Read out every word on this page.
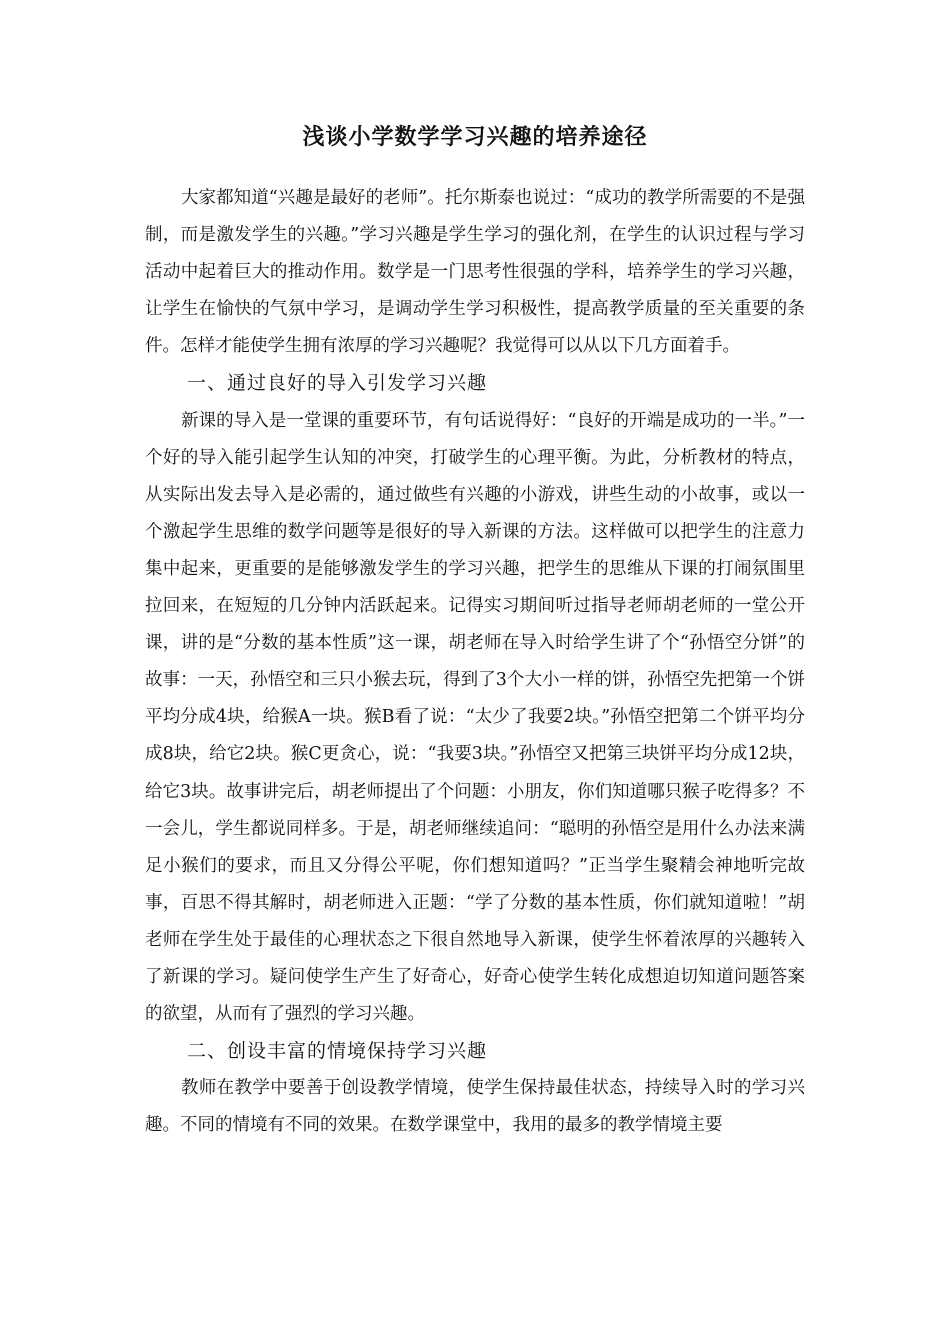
浅谈小学数学学习兴趣的培养途径

大家都知道“兴趣是最好的老师”。托尔斯泰也说过：“成功的教学所需要的不是强制，而是激发学生的兴趣。”学习兴趣是学生学习的强化剂，在学生的认识过程与学习活动中起着巨大的推动作用。数学是一门思考性很强的学科，培养学生的学习兴趣，让学生在愉快的气氛中学习，是调动学生学习积极性，提高教学质量的至关重要的条件。怎样才能使学生拥有浓厚的学习兴趣呢？我觉得可以从以下几方面着手。

一、通过良好的导入引发学习兴趣

新课的导入是一堂课的重要环节，有句话说得好：“良好的开端是成功的一半。”一个好的导入能引起学生认知的冲突，打破学生的心理平衡。为此，分析教材的特点，从实际出发去导入是必需的，通过做些有兴趣的小游戏，讲些生动的小故事，或以一个激起学生思维的数学问题等是很好的导入新课的方法。这样做可以把学生的注意力集中起来，更重要的是能够激发学生的学习兴趣，把学生的思维从下课的打闹氛围里拉回来，在短短的几分钟内活跃起来。记得实习期间听过指导老师胡老师的一堂公开课，讲的是“分数的基本性质”这一课，胡老师在导入时给学生讲了个“孙悟空分饼”的故事：一天，孙悟空和三只小猴去玩，得到了3个大小一样的饼，孙悟空先把第一个饼平均分成4块，给猴A一块。猴B看了说：“太少了我要2块。”孙悟空把第二个饼平均分成8块，给它2块。猴C更贪心，说：“我要3块。”孙悟空又把第三块饼平均分成12块，给它3块。故事讲完后，胡老师提出了个问题：小朋友，你们知道哪只猴子吃得多？不一会儿，学生都说同样多。于是，胡老师继续追问：“聪明的孙悟空是用什么办法来满足小猴们的要求，而且又分得公平呢，你们想知道吗？”正当学生聚精会神地听完故事，百思不得其解时，胡老师进入正题：“学了分数的基本性质，你们就知道啦！”胡老师在学生处于最佳的心理状态之下很自然地导入新课，使学生怀着浓厚的兴趣转入了新课的学习。疑问使学生产生了好奇心，好奇心使学生转化成想迫切知道问题答案的欲望，从而有了强烈的学习兴趣。

二、创设丰富的情境保持学习兴趣

教师在教学中要善于创设教学情境，使学生保持最佳状态，持续导入时的学习兴趣。不同的情境有不同的效果。在数学课堂中，我用的最多的教学情境主要
